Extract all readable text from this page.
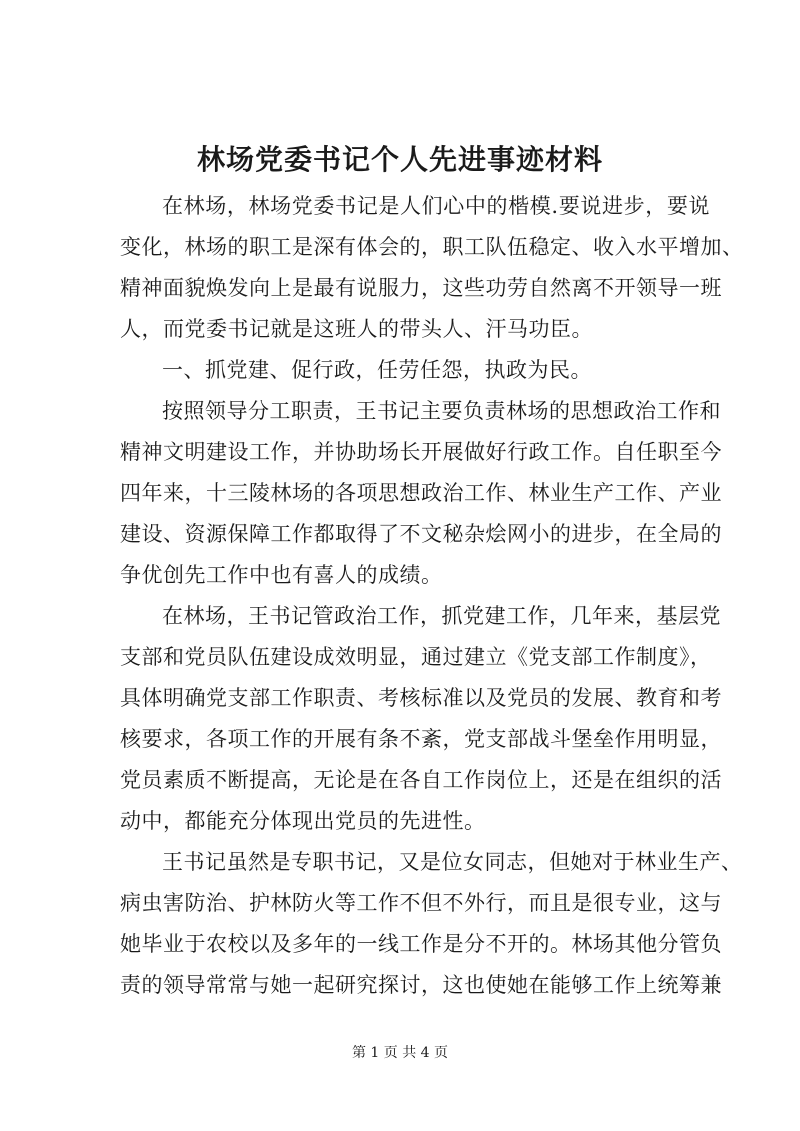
林场党委书记个人先进事迹材料
在林场，林场党委书记是人们心中的楷模.要说进步，要说
变化，林场的职工是深有体会的，职工队伍稳定、收入水平增加、
精神面貌焕发向上是最有说服力，这些功劳自然离不开领导一班
人，而党委书记就是这班人的带头人、汗马功臣。
一、抓党建、促行政，任劳任怨，执政为民。
按照领导分工职责，王书记主要负责林场的思想政治工作和
精神文明建设工作，并协助场长开展做好行政工作。自任职至今
四年来，十三陵林场的各项思想政治工作、林业生产工作、产业
建设、资源保障工作都取得了不文秘杂烩网小的进步，在全局的
争优创先工作中也有喜人的成绩。
在林场，王书记管政治工作，抓党建工作，几年来，基层党
支部和党员队伍建设成效明显，通过建立《党支部工作制度》，
具体明确党支部工作职责、考核标准以及党员的发展、教育和考
核要求，各项工作的开展有条不紊，党支部战斗堡垒作用明显，
党员素质不断提高，无论是在各自工作岗位上，还是在组织的活
动中，都能充分体现出党员的先进性。
王书记虽然是专职书记，又是位女同志，但她对于林业生产、
病虫害防治、护林防火等工作不但不外行，而且是很专业，这与
她毕业于农校以及多年的一线工作是分不开的。林场其他分管负
责的领导常常与她一起研究探讨，这也使她在能够工作上统筹兼
第 1 页 共 4 页
